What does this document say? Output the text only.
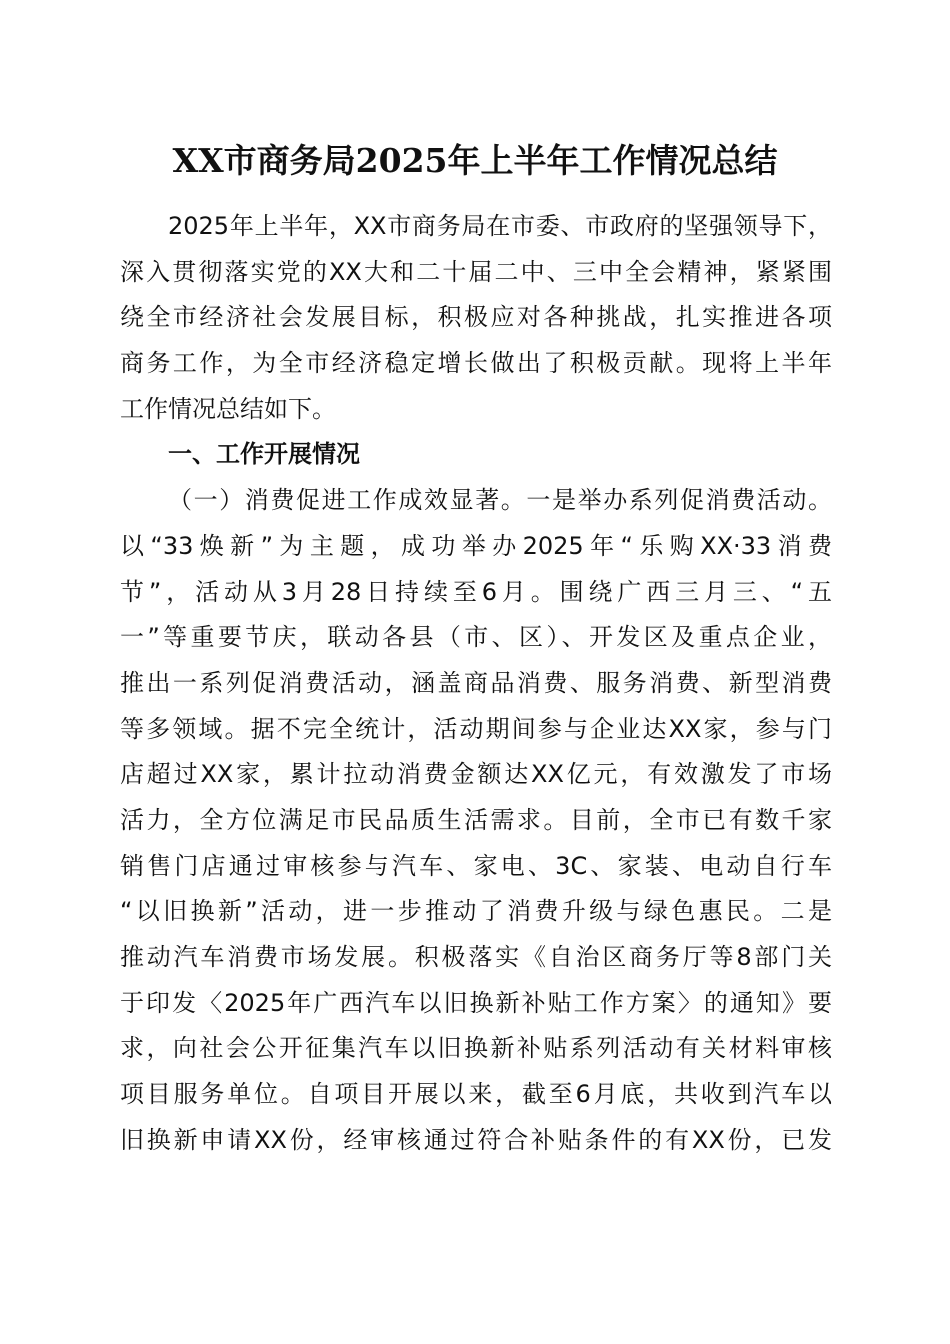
XX市商务局2025年上半年工作情况总结
2025年上半年，XX市商务局在市委、市政府的坚强领导下，
深入贯彻落实党的XX大和二十届二中、三中全会精神，紧紧围
绕全市经济社会发展目标，积极应对各种挑战，扎实推进各项
商务工作，为全市经济稳定增长做出了积极贡献。现将上半年
工作情况总结如下。
一、工作开展情况
（一）消费促进工作成效显著。一是举办系列促消费活动。
以“33焕新”为主题，成功举办2025年“乐购XX·33消费
节”，活动从3月28日持续至6月。围绕广西三月三、“五
一”等重要节庆，联动各县（市、区）、开发区及重点企业，
推出一系列促消费活动，涵盖商品消费、服务消费、新型消费
等多领域。据不完全统计，活动期间参与企业达XX家，参与门
店超过XX家，累计拉动消费金额达XX亿元，有效激发了市场
活力，全方位满足市民品质生活需求。目前，全市已有数千家
销售门店通过审核参与汽车、家电、3C、家装、电动自行车
“以旧换新”活动，进一步推动了消费升级与绿色惠民。二是
推动汽车消费市场发展。积极落实《自治区商务厅等8部门关
于印发〈2025年广西汽车以旧换新补贴工作方案〉的通知》要
求，向社会公开征集汽车以旧换新补贴系列活动有关材料审核
项目服务单位。自项目开展以来，截至6月底，共收到汽车以
旧换新申请XX份，经审核通过符合补贴条件的有XX份，已发
